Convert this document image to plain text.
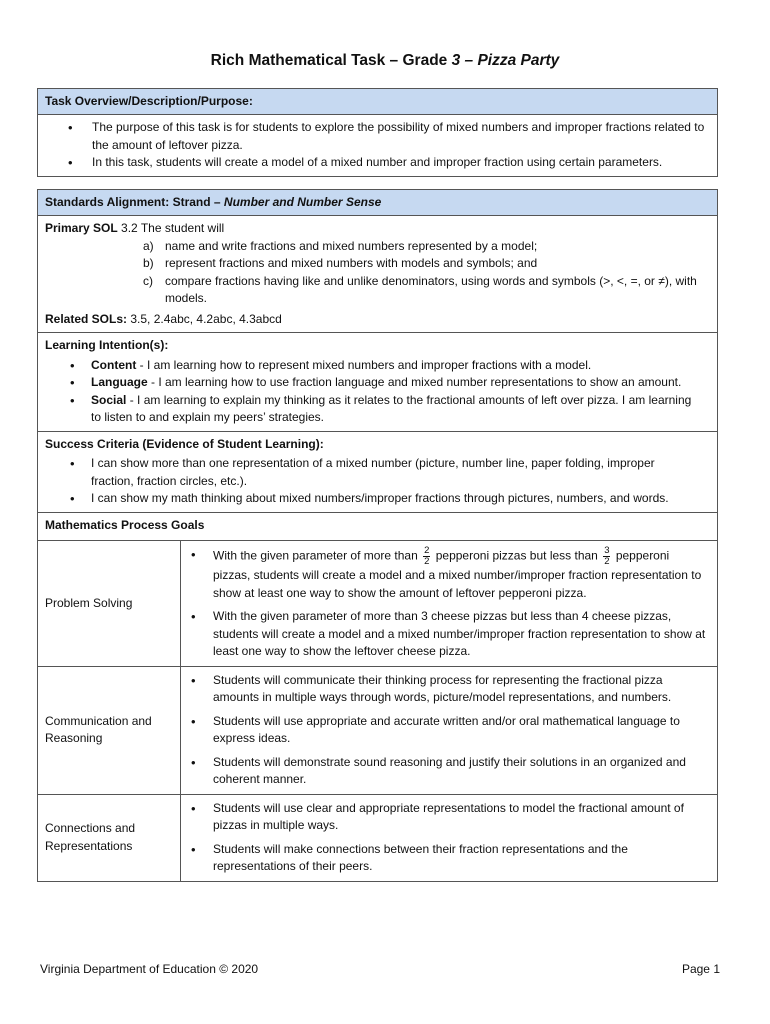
Rich Mathematical Task – Grade 3 – Pizza Party
Task Overview/Description/Purpose:
• The purpose of this task is for students to explore the possibility of mixed numbers and improper fractions related to the amount of leftover pizza.
• In this task, students will create a model of a mixed number and improper fraction using certain parameters.
Standards Alignment: Strand – Number and Number Sense
Primary SOL 3.2 The student will
a) name and write fractions and mixed numbers represented by a model;
b) represent fractions and mixed numbers with models and symbols; and
c) compare fractions having like and unlike denominators, using words and symbols (>, <, =, or ≠), with models.
Related SOLs: 3.5, 2.4abc, 4.2abc, 4.3abcd
Learning Intention(s):
• Content - I am learning how to represent mixed numbers and improper fractions with a model.
• Language - I am learning how to use fraction language and mixed number representations to show an amount.
• Social - I am learning to explain my thinking as it relates to the fractional amounts of left over pizza. I am learning to listen to and explain my peers’ strategies.
Success Criteria (Evidence of Student Learning):
• I can show more than one representation of a mixed number (picture, number line, paper folding, improper fraction, fraction circles, etc.).
• I can show my math thinking about mixed numbers/improper fractions through pictures, numbers, and words.
Mathematics Process Goals
Problem Solving
• With the given parameter of more than $\frac{2}{2}$ pepperoni pizzas but less than $\frac{3}{2}$ pepperoni pizzas, students will create a model and a mixed number/improper fraction representation to show at least one way to show the amount of leftover pepperoni pizza.
• With the given parameter of more than 3 cheese pizzas but less than 4 cheese pizzas, students will create a model and a mixed number/improper fraction representation to show at least one way to show the leftover cheese pizza.
Communication and Reasoning
• Students will communicate their thinking process for representing the fractional pizza amounts in multiple ways through words, picture/model representations, and numbers.
• Students will use appropriate and accurate written and/or oral mathematical language to express ideas.
• Students will demonstrate sound reasoning and justify their solutions in an organized and coherent manner.
Connections and Representations
• Students will use clear and appropriate representations to model the fractional amount of pizzas in multiple ways.
• Students will make connections between their fraction representations and the representations of their peers.
Virginia Department of Education © 2020	Page 1
